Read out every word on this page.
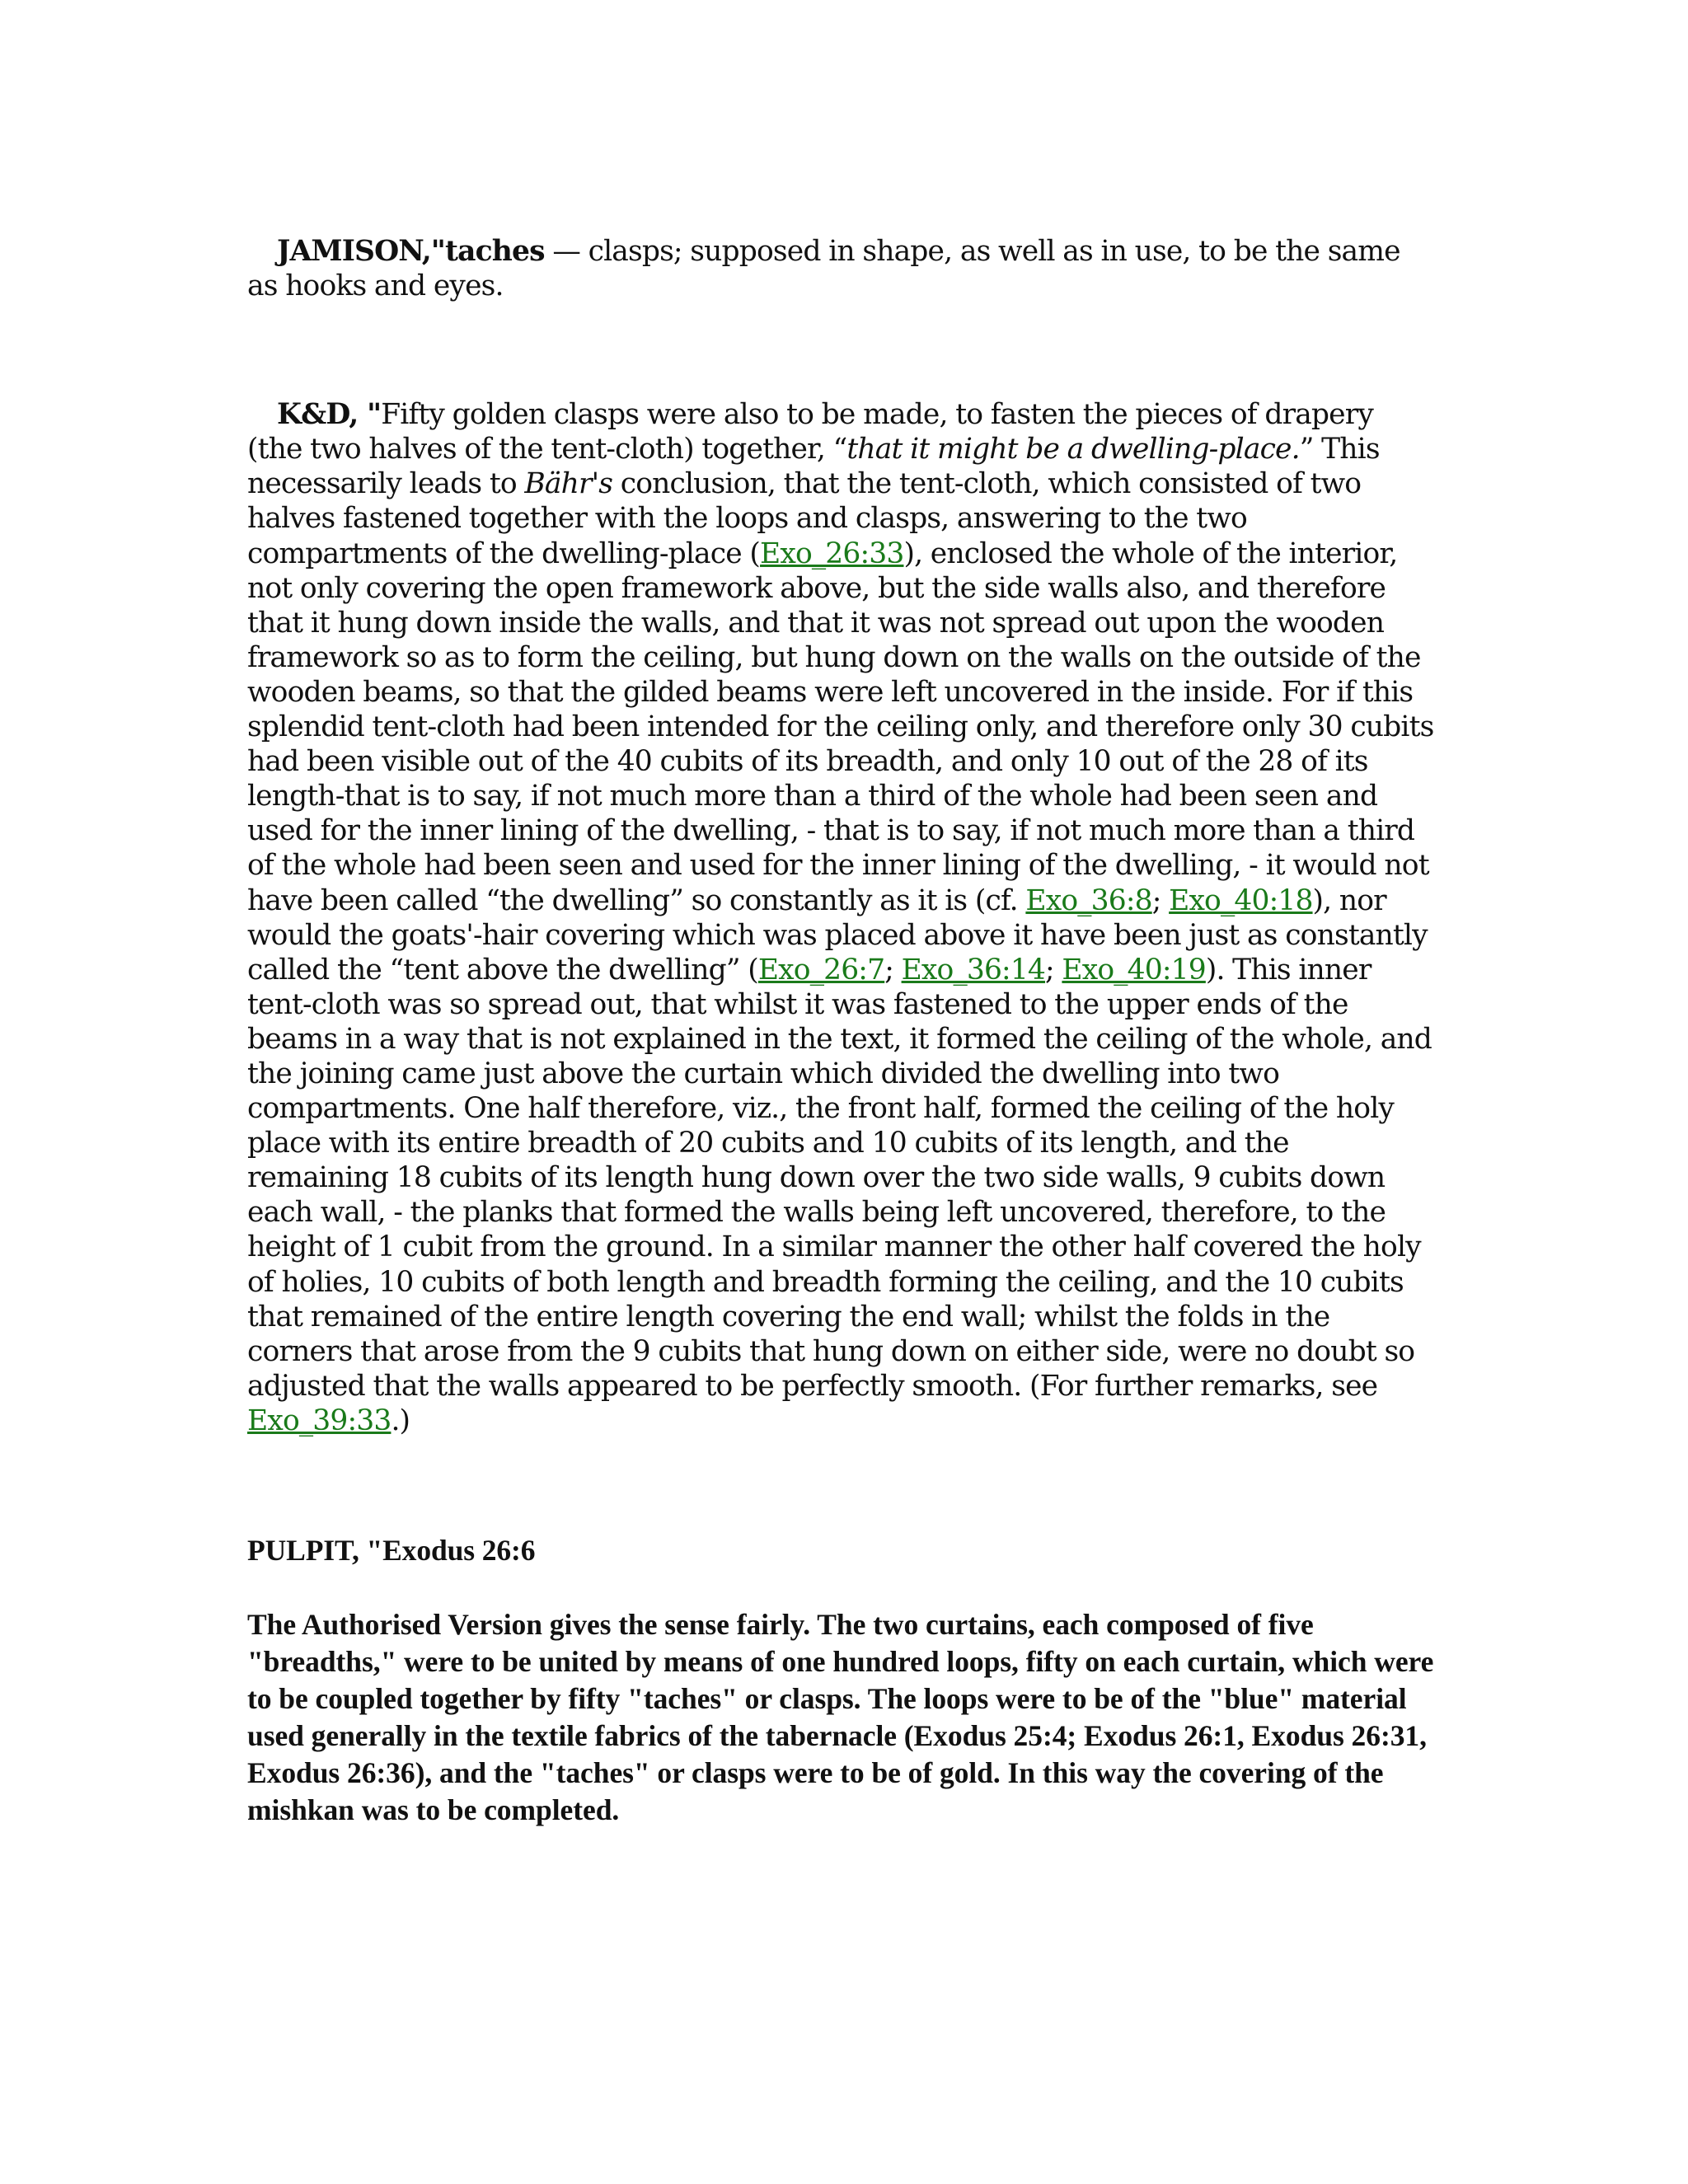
JAMISON,"taches — clasps; supposed in shape, as well as in use, to be the same as hooks and eyes.

K&D, "Fifty golden clasps were also to be made, to fasten the pieces of drapery (the two halves of the tent-cloth) together, “that it might be a dwelling-place.” This necessarily leads to Bähr's conclusion, that the tent-cloth, which consisted of two halves fastened together with the loops and clasps, answering to the two compartments of the dwelling-place (Exo_26:33), enclosed the whole of the interior, not only covering the open framework above, but the side walls also, and therefore that it hung down inside the walls, and that it was not spread out upon the wooden framework so as to form the ceiling, but hung down on the walls on the outside of the wooden beams, so that the gilded beams were left uncovered in the inside. For if this splendid tent-cloth had been intended for the ceiling only, and therefore only 30 cubits had been visible out of the 40 cubits of its breadth, and only 10 out of the 28 of its length-that is to say, if not much more than a third of the whole had been seen and used for the inner lining of the dwelling, - that is to say, if not much more than a third of the whole had been seen and used for the inner lining of the dwelling, - it would not have been called “the dwelling” so constantly as it is (cf. Exo_36:8; Exo_40:18), nor would the goats'-hair covering which was placed above it have been just as constantly called the “tent above the dwelling” (Exo_26:7; Exo_36:14; Exo_40:19). This inner tent-cloth was so spread out, that whilst it was fastened to the upper ends of the beams in a way that is not explained in the text, it formed the ceiling of the whole, and the joining came just above the curtain which divided the dwelling into two compartments. One half therefore, viz., the front half, formed the ceiling of the holy place with its entire breadth of 20 cubits and 10 cubits of its length, and the remaining 18 cubits of its length hung down over the two side walls, 9 cubits down each wall, - the planks that formed the walls being left uncovered, therefore, to the height of 1 cubit from the ground. In a similar manner the other half covered the holy of holies, 10 cubits of both length and breadth forming the ceiling, and the 10 cubits that remained of the entire length covering the end wall; whilst the folds in the corners that arose from the 9 cubits that hung down on either side, were no doubt so adjusted that the walls appeared to be perfectly smooth. (For further remarks, see Exo_39:33.)

PULPIT, "Exodus 26:6

The Authorised Version gives the sense fairly. The two curtains, each composed of five "breadths," were to be united by means of one hundred loops, fifty on each curtain, which were to be coupled together by fifty "taches" or clasps. The loops were to be of the "blue" material used generally in the textile fabrics of the tabernacle (Exodus 25:4; Exodus 26:1, Exodus 26:31, Exodus 26:36), and the "taches" or clasps were to be of gold. In this way the covering of the mishkan was to be completed.
